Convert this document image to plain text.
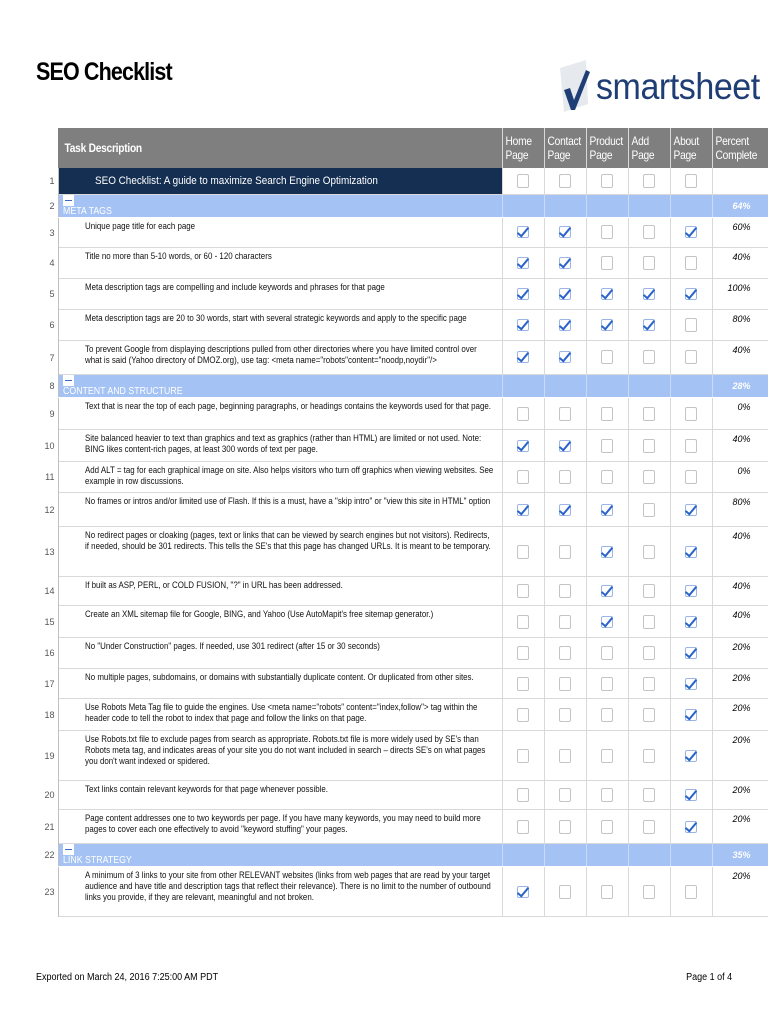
SEO Checklist	smartsheet
	Task Description	Home Page	Contact Page	Product Page	Add Page	About Page	Percent Complete
1	SEO Checklist: A guide to maximize Search Engine Optimization						
2	META TAGS						64%
3	Unique page title for each page						60%
4	Title no more than 5-10 words, or 60 - 120 characters						40%
5	Meta description tags are compelling and include keywords and phrases for that page						100%
6	Meta description tags are 20 to 30 words, start with several strategic keywords and apply to the specific page						80%
7	To prevent Google from displaying descriptions pulled from other directories where you have limited control over what is said (Yahoo directory of DMOZ.org), use tag: <meta name="robots"content="noodp,noydir"/>						40%
8	CONTENT AND STRUCTURE						28%
9	Text that is near the top of each page, beginning paragraphs, or headings contains the keywords used for that page.						0%
10	Site balanced heavier to text than graphics and text as graphics (rather than HTML) are limited or not used. Note: BING likes content-rich pages, at least 300 words of text per page.						40%
11	Add ALT = tag for each graphical image on site. Also helps visitors who turn off graphics when viewing websites. See example in row discussions.						0%
12	No frames or intros and/or limited use of Flash. If this is a must, have a "skip intro" or "view this site in HTML" option						80%
13	No redirect pages or cloaking (pages, text or links that can be viewed by search engines but not visitors). Redirects, if needed, should be 301 redirects. This tells the SE's that this page has changed URLs. It is meant to be temporary.						40%
14	If built as ASP, PERL, or COLD FUSION, "?" in URL has been addressed.						40%
15	Create an XML sitemap file for Google, BING, and Yahoo (Use AutoMapit's free sitemap generator.)						40%
16	No "Under Construction" pages. If needed, use 301 redirect (after 15 or 30 seconds)						20%
17	No multiple pages, subdomains, or domains with substantially duplicate content. Or duplicated from other sites.						20%
18	Use Robots Meta Tag file to guide the engines. Use <meta name="robots" content="index,follow"> tag within the header code to tell the robot to index that page and follow the links on that page.						20%
19	Use Robots.txt file to exclude pages from search as appropriate. Robots.txt file is more widely used by SE's than Robots meta tag, and indicates areas of your site you do not want included in search – directs SE's on what pages you don't want indexed or spidered.						20%
20	Text links contain relevant keywords for that page whenever possible.						20%
21	Page content addresses one to two keywords per page. If you have many keywords, you may need to build more pages to cover each one effectively to avoid "keyword stuffing" your pages.						20%
22	LINK STRATEGY						35%
23	A minimum of 3 links to your site from other RELEVANT websites (links from web pages that are read by your target audience and have title and description tags that reflect their relevance). There is no limit to the number of outbound links you provide, if they are relevant, meaningful and not broken.						20%
Exported on March 24, 2016 7:25:00 AM PDT	Page 1 of 4
